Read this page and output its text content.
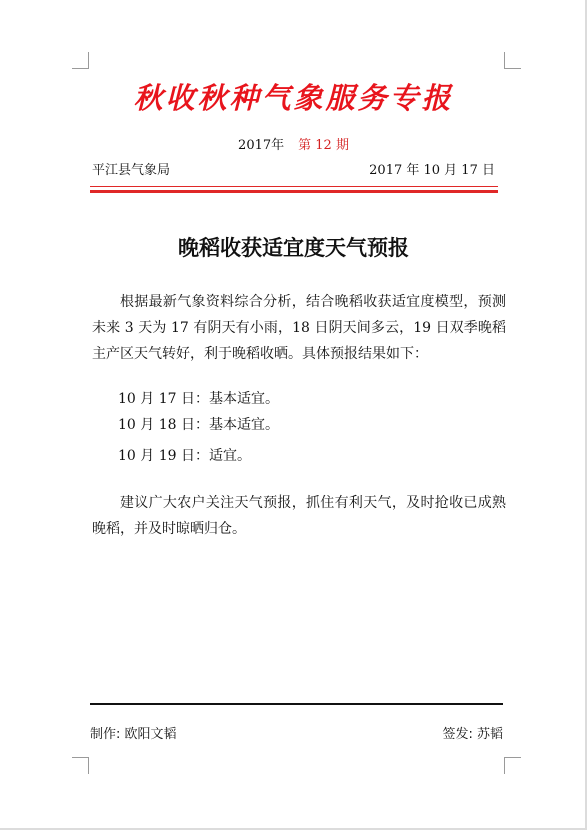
秋收秋种气象服务专报
2017年 第 12 期
平江县气象局	2017 年 10 月 17 日
晚稻收获适宜度天气预报
根据最新气象资料综合分析，结合晚稻收获适宜度模型，预测未来 3 天为 17 有阴天有小雨，18 日阴天间多云，19 日双季晚稻主产区天气转好，利于晚稻收晒。具体预报结果如下：
10 月 17 日：基本适宜。
10 月 18 日：基本适宜。
10 月 19 日：适宜。
建议广大农户关注天气预报，抓住有利天气，及时抢收已成熟晚稻，并及时晾晒归仓。
制作: 欧阳文韬	签发: 苏韬
